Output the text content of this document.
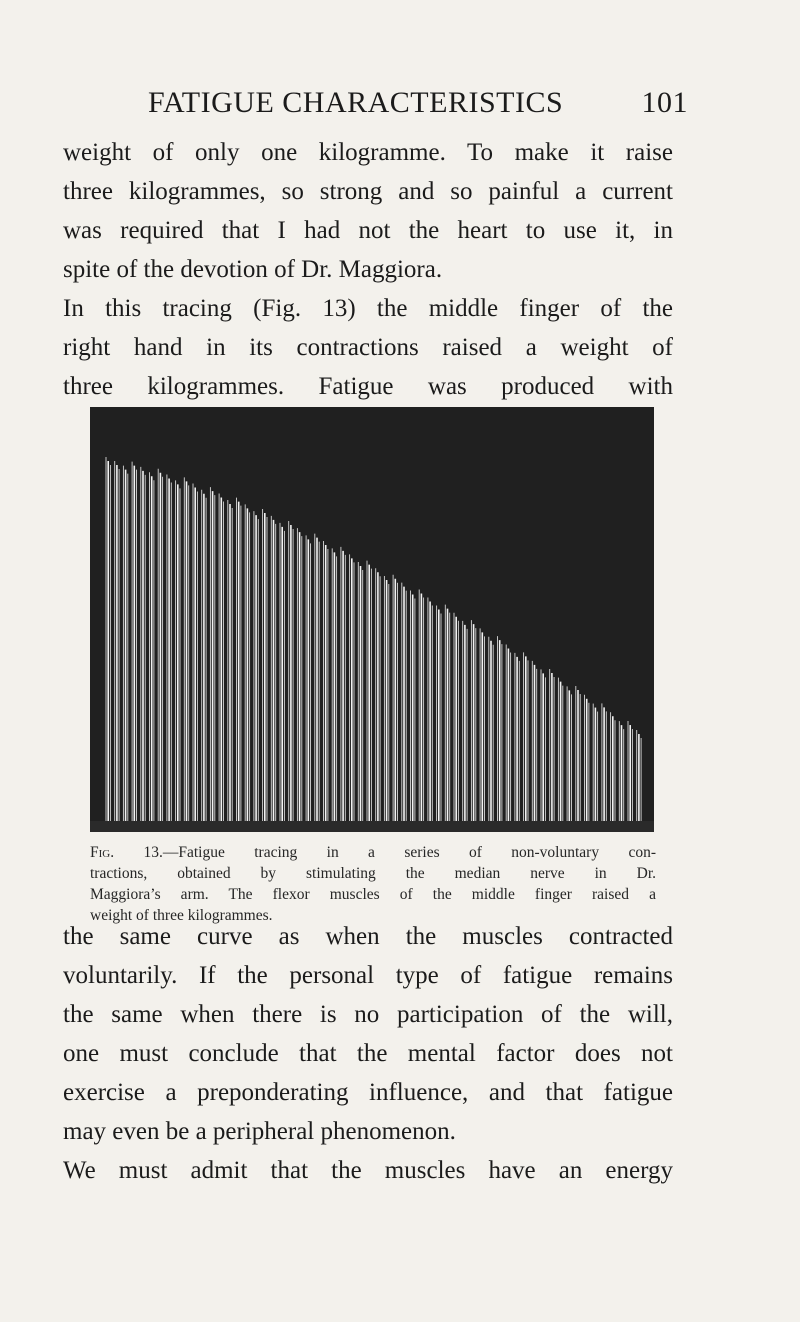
FATIGUE CHARACTERISTICS	101
weight of only one kilogramme. To make it raise
three kilogrammes, so strong and so painful a current
was required that I had not the heart to use it, in
spite of the devotion of Dr. Maggiora.
In this tracing (Fig. 13) the middle finger of the
right hand in its contractions raised a weight of
three kilogrammes. Fatigue was produced with
Fig. 13.—Fatigue tracing in a series of non-voluntary con-
tractions, obtained by stimulating the median nerve in Dr.
Maggiora’s arm. The flexor muscles of the middle finger raised a
weight of three kilogrammes.
the same curve as when the muscles contracted
voluntarily. If the personal type of fatigue remains
the same when there is no participation of the will,
one must conclude that the mental factor does not
exercise a preponderating influence, and that fatigue
may even be a peripheral phenomenon.
We must admit that the muscles have an energy
